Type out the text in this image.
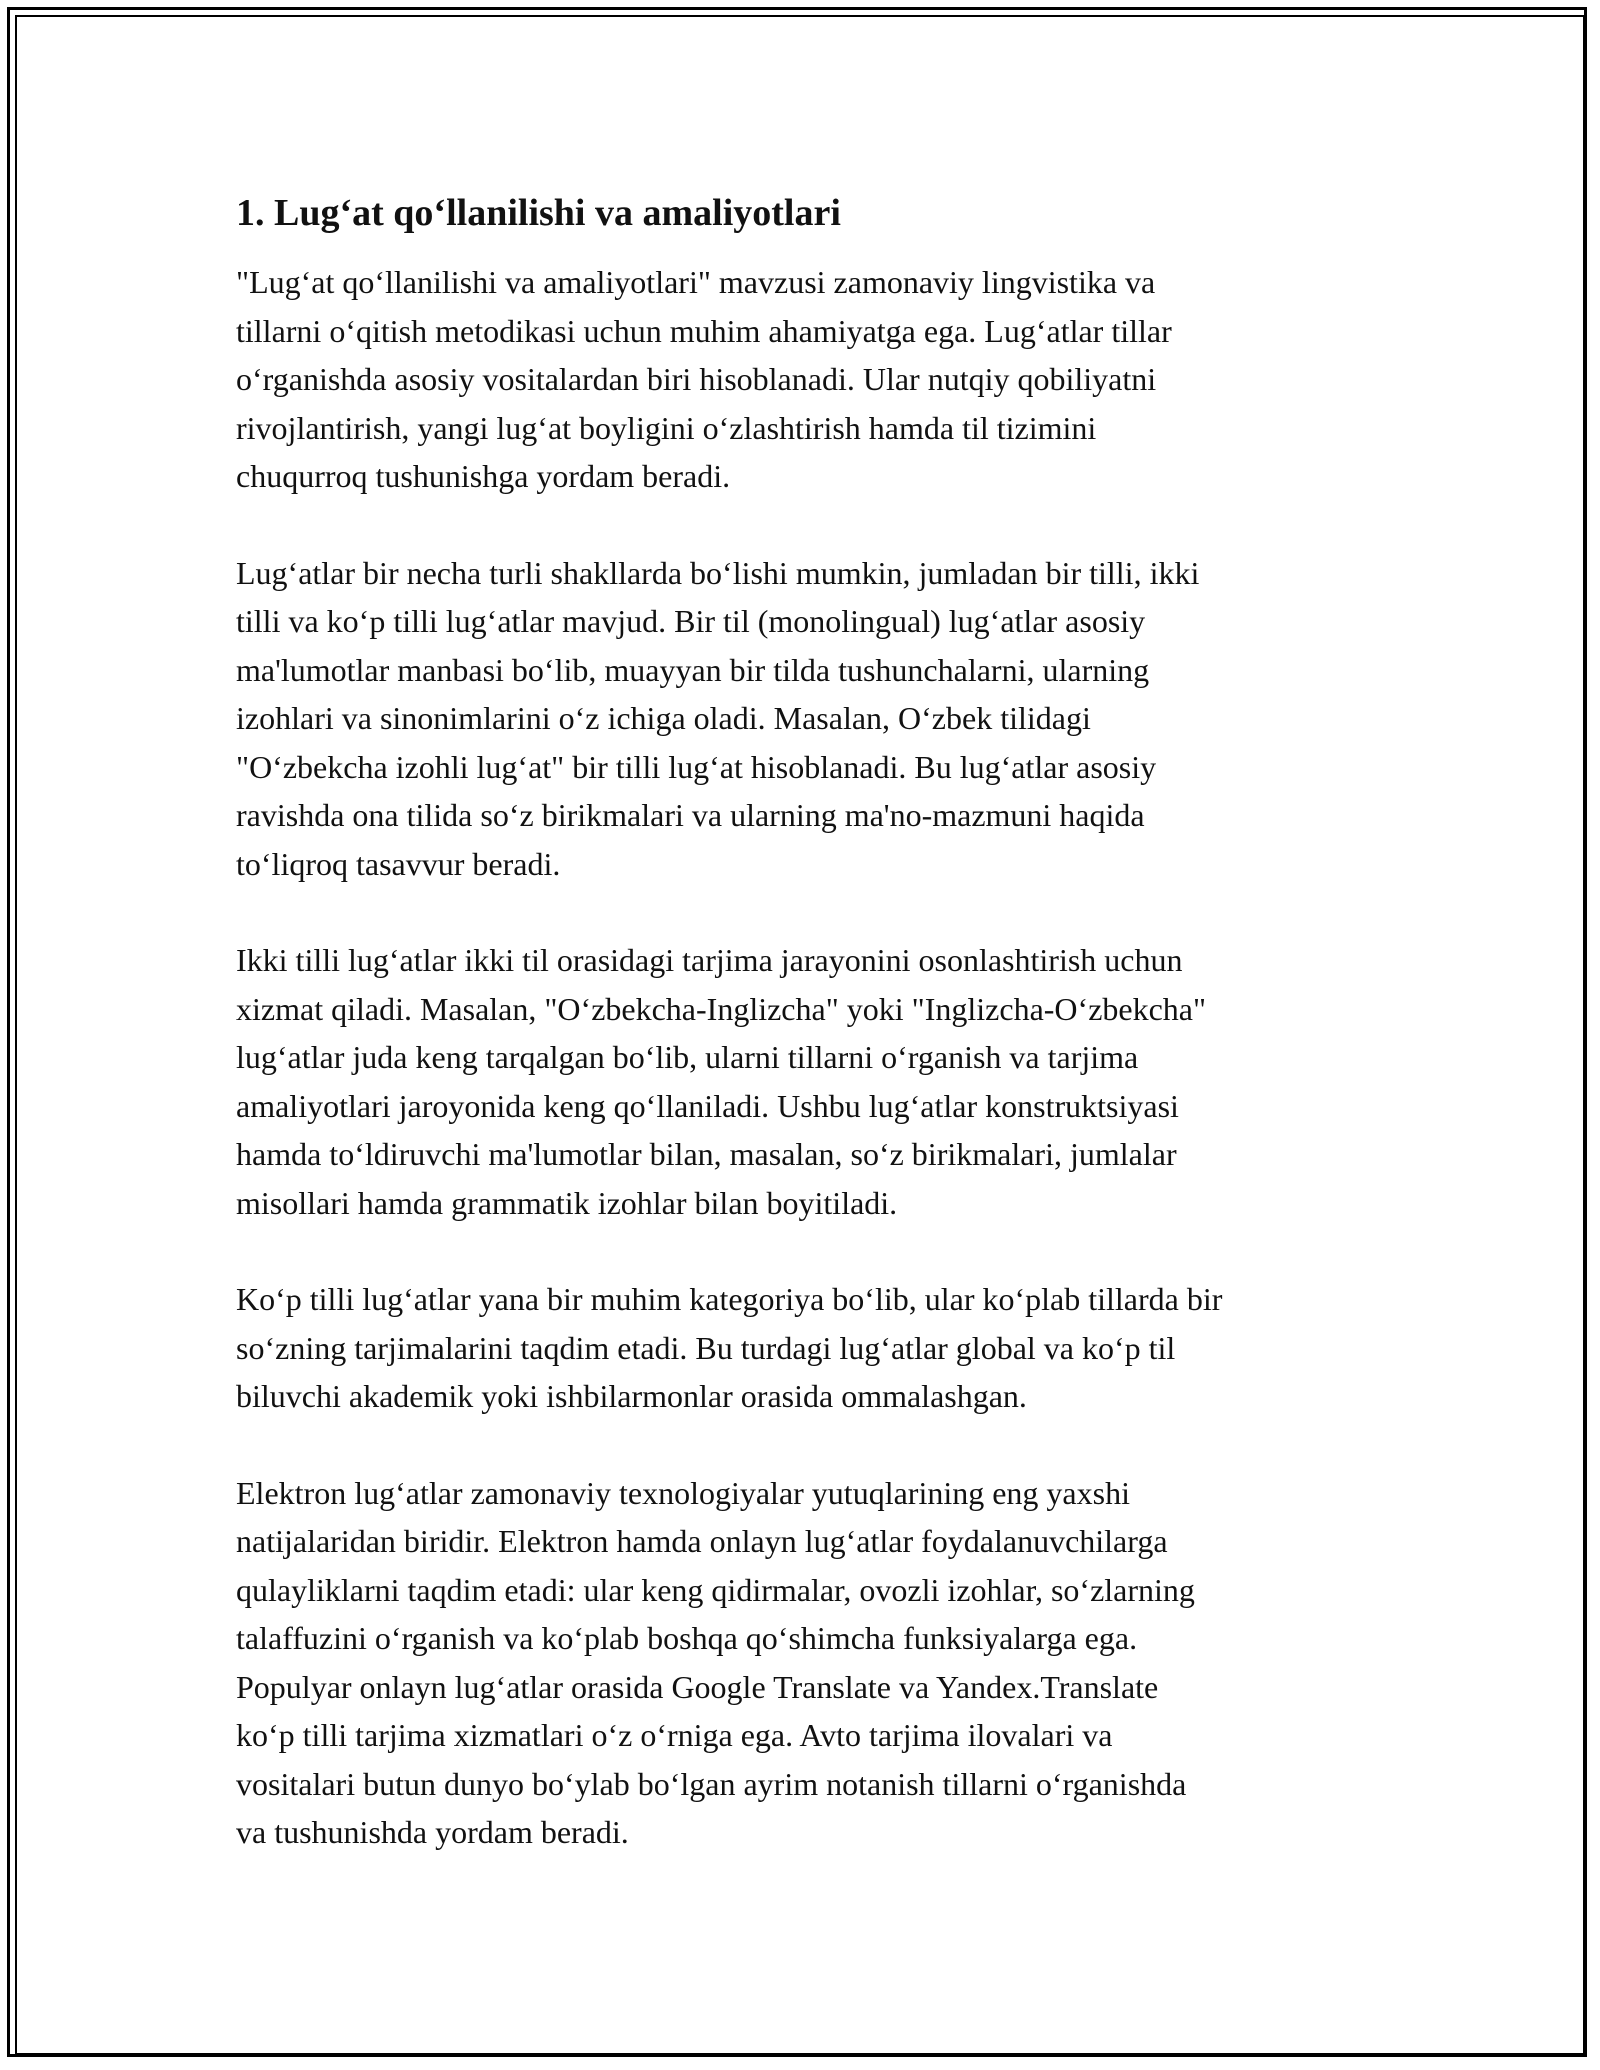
1. Lug‘at qo‘llanilishi va amaliyotlari
"Lug‘at qo‘llanilishi va amaliyotlari" mavzusi zamonaviy lingvistika va
tillarni o‘qitish metodikasi uchun muhim ahamiyatga ega. Lug‘atlar tillar
o‘rganishda asosiy vositalardan biri hisoblanadi. Ular nutqiy qobiliyatni
rivojlantirish, yangi lug‘at boyligini o‘zlashtirish hamda til tizimini
chuqurroq tushunishga yordam beradi.
Lug‘atlar bir necha turli shakllarda bo‘lishi mumkin, jumladan bir tilli, ikki
tilli va ko‘p tilli lug‘atlar mavjud. Bir til (monolingual) lug‘atlar asosiy
ma'lumotlar manbasi bo‘lib, muayyan bir tilda tushunchalarni, ularning
izohlari va sinonimlarini o‘z ichiga oladi. Masalan, O‘zbek tilidagi
"O‘zbekcha izohli lug‘at" bir tilli lug‘at hisoblanadi. Bu lug‘atlar asosiy
ravishda ona tilida so‘z birikmalari va ularning ma'no-mazmuni haqida
to‘liqroq tasavvur beradi.
Ikki tilli lug‘atlar ikki til orasidagi tarjima jarayonini osonlashtirish uchun
xizmat qiladi. Masalan, "O‘zbekcha-Inglizcha" yoki "Inglizcha-O‘zbekcha"
lug‘atlar juda keng tarqalgan bo‘lib, ularni tillarni o‘rganish va tarjima
amaliyotlari jaroyonida keng qo‘llaniladi. Ushbu lug‘atlar konstruktsiyasi
hamda to‘ldiruvchi ma'lumotlar bilan, masalan, so‘z birikmalari, jumlalar
misollari hamda grammatik izohlar bilan boyitiladi.
Ko‘p tilli lug‘atlar yana bir muhim kategoriya bo‘lib, ular ko‘plab tillarda bir
so‘zning tarjimalarini taqdim etadi. Bu turdagi lug‘atlar global va ko‘p til
biluvchi akademik yoki ishbilarmonlar orasida ommalashgan.
Elektron lug‘atlar zamonaviy texnologiyalar yutuqlarining eng yaxshi
natijalaridan biridir. Elektron hamda onlayn lug‘atlar foydalanuvchilarga
qulayliklarni taqdim etadi: ular keng qidirmalar, ovozli izohlar, so‘zlarning
talaffuzini o‘rganish va ko‘plab boshqa qo‘shimcha funksiyalarga ega.
Populyar onlayn lug‘atlar orasida Google Translate va Yandex.Translate
ko‘p tilli tarjima xizmatlari o‘z o‘rniga ega. Avto tarjima ilovalari va
vositalari butun dunyo bo‘ylab bo‘lgan ayrim notanish tillarni o‘rganishda
va tushunishda yordam beradi.
